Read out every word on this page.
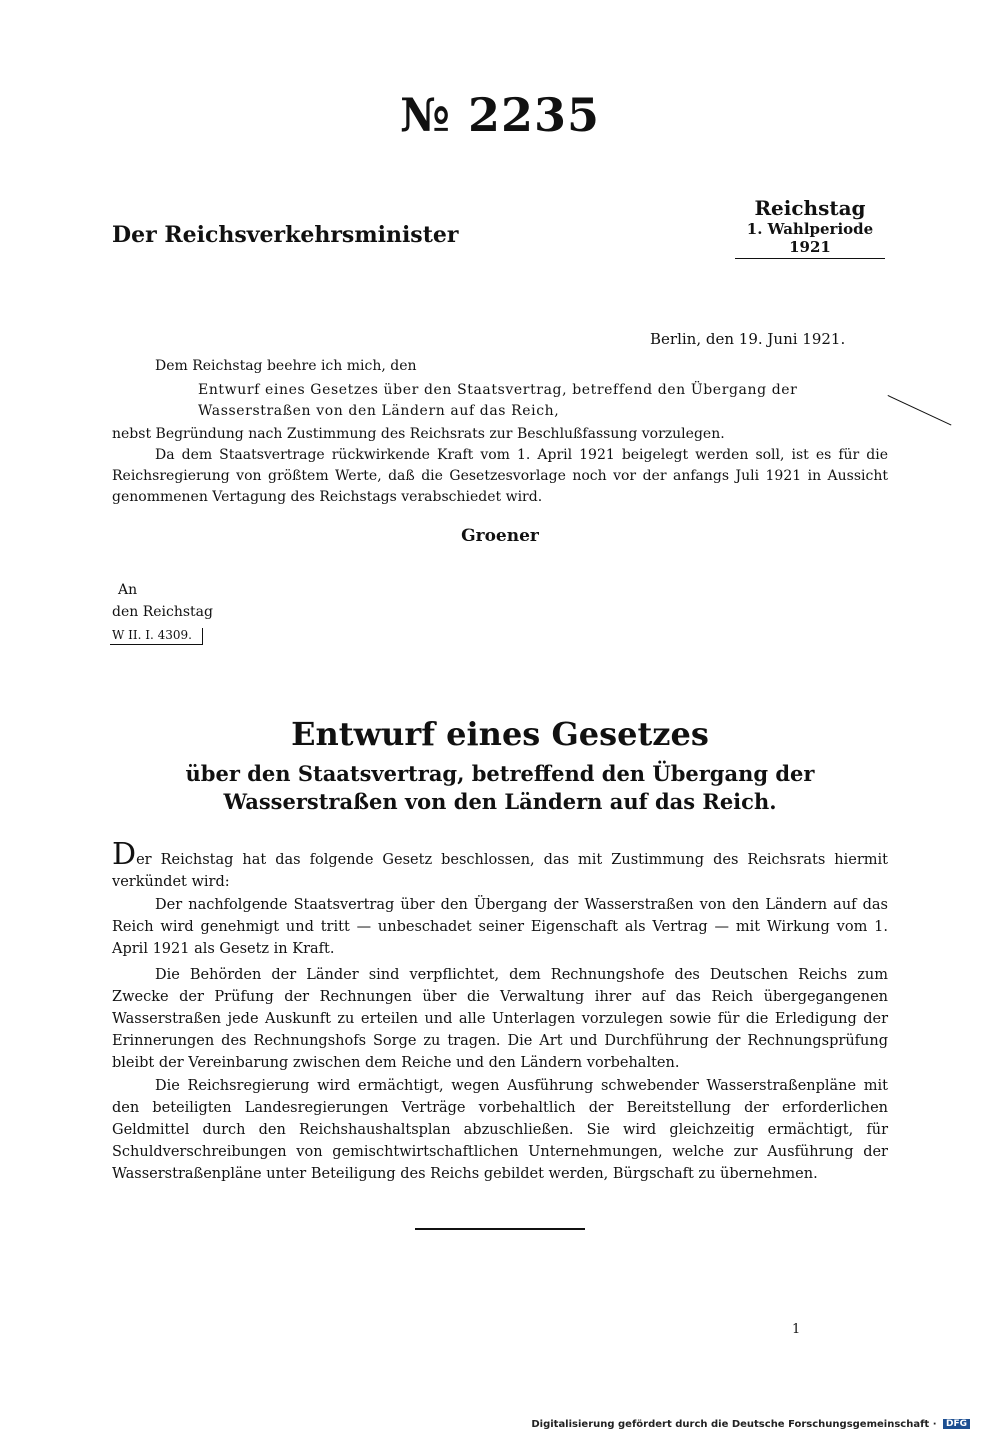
№ 2235
Der Reichsverkehrsminister
Reichstag
1. Wahlperiode 1921
Berlin, den 19. Juni 1921.
Dem Reichstag beehre ich mich, den
Entwurf eines Gesetzes über den Staatsvertrag, betreffend den Übergang der Wasserstraßen von den Ländern auf das Reich,
nebst Begründung nach Zustimmung des Reichsrats zur Beschlußfassung vorzulegen.
Da dem Staatsvertrage rückwirkende Kraft vom 1. April 1921 beigelegt werden soll, ist es für die Reichsregierung von größtem Werte, daß die Gesetzesvorlage noch vor der anfangs Juli 1921 in Aussicht genommenen Vertagung des Reichstags verabschiedet wird.
Groener
An
den Reichstag
W II. I. 4309.
Entwurf eines Gesetzes
über den Staatsvertrag, betreffend den Übergang der Wasserstraßen von den Ländern auf das Reich.
Der Reichstag hat das folgende Gesetz beschlossen, das mit Zustimmung des Reichsrats hiermit verkündet wird:
Der nachfolgende Staatsvertrag über den Übergang der Wasserstraßen von den Ländern auf das Reich wird genehmigt und tritt — unbeschadet seiner Eigenschaft als Vertrag — mit Wirkung vom 1. April 1921 als Gesetz in Kraft.
Die Behörden der Länder sind verpflichtet, dem Rechnungshofe des Deutschen Reichs zum Zwecke der Prüfung der Rechnungen über die Verwaltung ihrer auf das Reich übergegangenen Wasserstraßen jede Auskunft zu erteilen und alle Unterlagen vorzulegen sowie für die Erledigung der Erinnerungen des Rechnungshofs Sorge zu tragen. Die Art und Durchführung der Rechnungsprüfung bleibt der Vereinbarung zwischen dem Reiche und den Ländern vorbehalten.
Die Reichsregierung wird ermächtigt, wegen Ausführung schwebender Wasserstraßenpläne mit den beteiligten Landesregierungen Verträge vorbehaltlich der Bereitstellung der erforderlichen Geldmittel durch den Reichshaushaltsplan abzuschließen. Sie wird gleichzeitig ermächtigt, für Schuldverschreibungen von gemischtwirtschaftlichen Unternehmungen, welche zur Ausführung der Wasserstraßenpläne unter Beteiligung des Reichs gebildet werden, Bürgschaft zu übernehmen.
1
Digitalisierung gefördert durch die Deutsche Forschungsgemeinschaft · DFG
